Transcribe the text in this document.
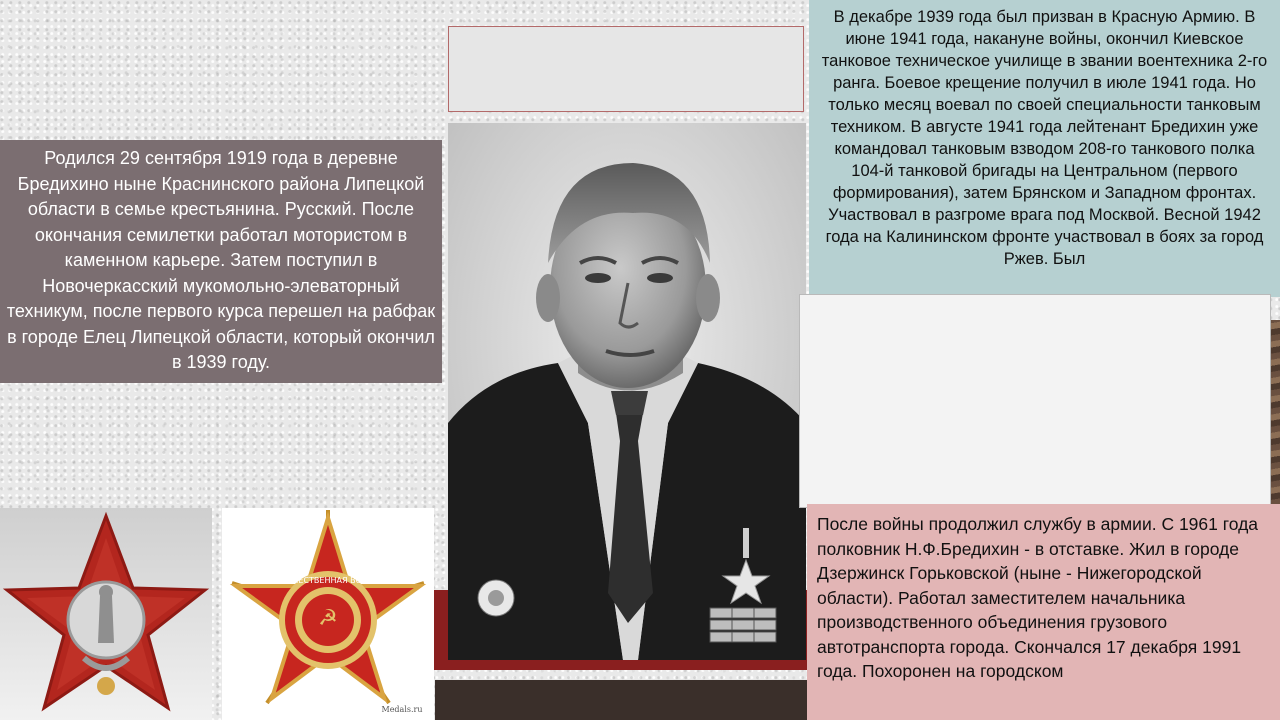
Родился 29 сентября 1919 года в деревне Бредихино ныне Краснинского района Липецкой области в семье крестьянина. Русский. После окончания семилетки работал мотористом в каменном карьере. Затем поступил в Новочеркасский мукомольно-элеваторный техникум, после первого курса перешел на рабфак в городе Елец Липецкой области, который окончил в 1939 году.

В декабре 1939 года был призван в Красную Армию. В июне 1941 года, накануне войны, окончил Киевское танковое техническое училище в звании воентехника 2-го ранга. Боевое крещение получил в июле 1941 года. Но только месяц воевал по своей специальности танковым техником. В августе 1941 года лейтенант Бредихин уже командовал танковым взводом 208-го танкового полка 104-й танковой бригады на Центральном (первого формирования), затем Брянском и Западном фронтах. Участвовал в разгроме врага под Москвой. Весной 1942 года на Калининском фронте участвовал в боях за город Ржев. Был

После войны продолжил службу в армии. С 1961 года полковник Н.Ф.Бредихин - в отставке. Жил в городе Дзержинск Горьковской (ныне - Нижегородской области). Работал заместителем начальника производственного объединения грузового автотранспорта города. Скончался 17 декабря 1991 года. Похоронен на городском

☭
ОТЕЧЕСТВЕННАЯ ВОЙНА
Medals.ru
